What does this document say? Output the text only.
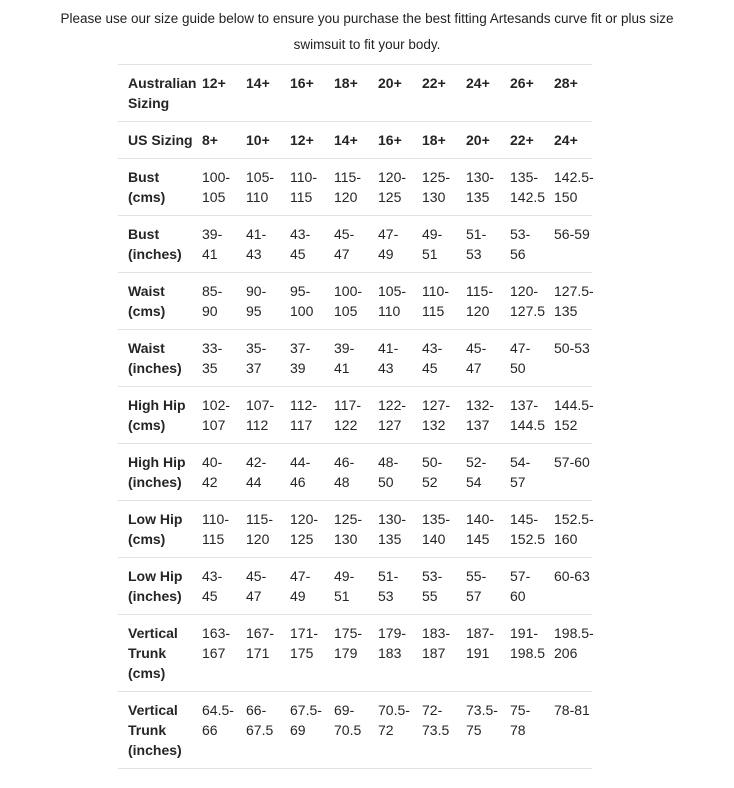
Please use our size guide below to ensure you purchase the best fitting Artesands curve fit or plus size swimsuit to fit your body.

Australian Sizing	12+	14+	16+	18+	20+	22+	24+	26+	28+
US Sizing	8+	10+	12+	14+	16+	18+	20+	22+	24+
Bust (cms)	100-105	105-110	110-115	115-120	120-125	125-130	130-135	135-142.5	142.5-150
Bust (inches)	39-41	41-43	43-45	45-47	47-49	49-51	51-53	53-56	56-59
Waist (cms)	85-90	90-95	95-100	100-105	105-110	110-115	115-120	120-127.5	127.5-135
Waist (inches)	33-35	35-37	37-39	39-41	41-43	43-45	45-47	47-50	50-53
High Hip (cms)	102-107	107-112	112-117	117-122	122-127	127-132	132-137	137-144.5	144.5-152
High Hip (inches)	40-42	42-44	44-46	46-48	48-50	50-52	52-54	54-57	57-60
Low Hip (cms)	110-115	115-120	120-125	125-130	130-135	135-140	140-145	145-152.5	152.5-160
Low Hip (inches)	43-45	45-47	47-49	49-51	51-53	53-55	55-57	57-60	60-63
Vertical Trunk (cms)	163-167	167-171	171-175	175-179	179-183	183-187	187-191	191-198.5	198.5-206
Vertical Trunk (inches)	64.5-66	66-67.5	67.5-69	69-70.5	70.5-72	72-73.5	73.5-75	75-78	78-81
